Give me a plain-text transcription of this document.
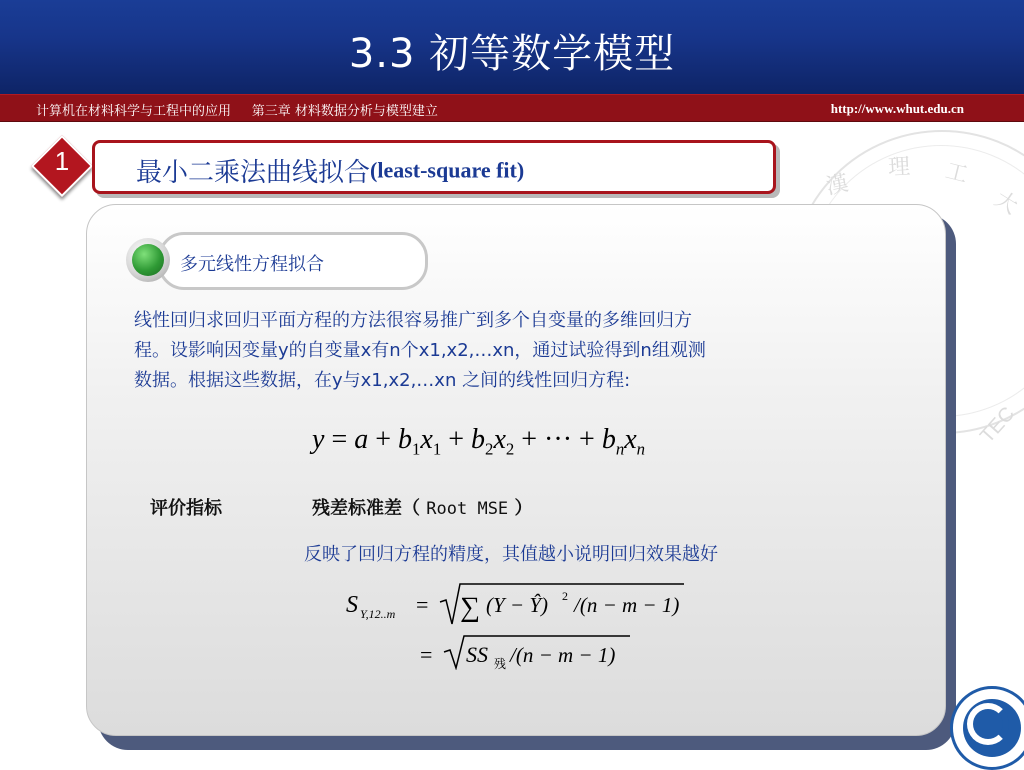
3.3 初等数学模型
计算机在材料科学与工程中的应用 第三章 材料数据分析与模型建立	http://www.whut.edu.cn
漢
理 工
大
TEC
1	最小二乘法曲线拟合(least-square fit)
多元线性方程拟合
线性回归求回归平面方程的方法很容易推广到多个自变量的多维回归方
程。设影响因变量y的自变量x有n个x1,x2,…xn，通过试验得到n组观测
数据。根据这些数据，在y与x1,x2,…xn 之间的线性回归方程:
$y = a + b_1x_1 + b_2x_2$ + ··· + $b_nx_n$
评价指标	残差标准差（ Root MSE ）
反映了回归方程的精度，其值越小说明回归效果越好
S Y,12..m = ∑ (Y − Ŷ) 2 /(n − m − 1)
= SS 残 /(n − m − 1)
